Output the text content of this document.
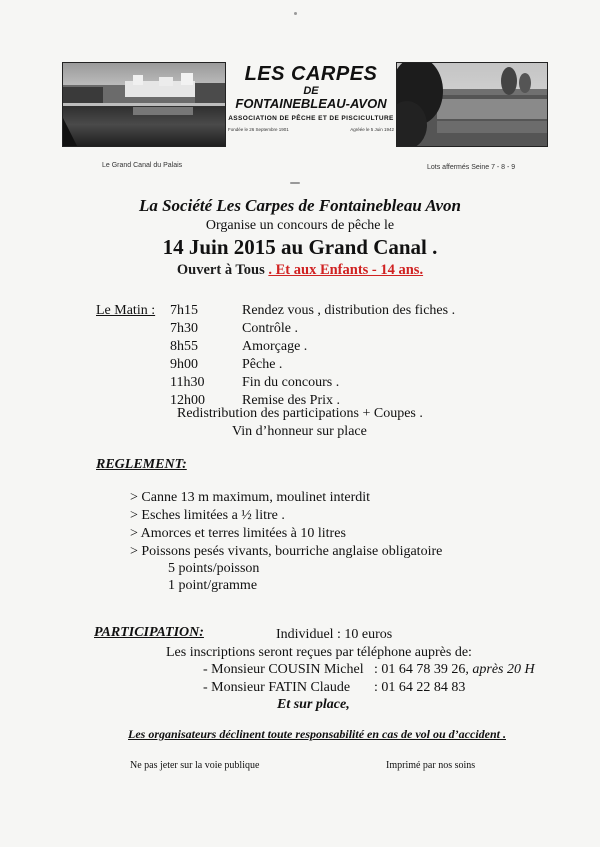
Le Grand Canal du Palais	Lots affermés Seine 7 - 8 - 9
LES CARPES
DE
FONTAINEBLEAU-AVON
ASSOCIATION DE PÊCHE ET DE PISCICULTURE
Fondée le 26 Septembre 1901	Agréée le 5 Juin 1942
La Société Les Carpes de Fontainebleau Avon
Organise un concours de pêche le
14 Juin 2015 au Grand Canal .
Ouvert à Tous . Et aux Enfants - 14 ans.
Le Matin : 7h15	Rendez vous , distribution des fiches .
7h30	Contrôle .
8h55	Amorçage .
9h00	Pêche .
11h30	Fin du concours .
12h00	Remise des Prix .
Redistribution des participations + Coupes .
Vin d’honneur sur place
REGLEMENT:
> Canne 13 m maximum, moulinet interdit
> Esches limitées a ½ litre .
> Amorces et terres limitées à 10 litres
> Poissons pesés vivants, bourriche anglaise obligatoire
5 points/poisson
1 point/gramme
PARTICIPATION:	Individuel : 10 euros
Les inscriptions seront reçues par téléphone auprès de:
- Monsieur COUSIN Michel : 01 64 78 39 26, après 20 H
- Monsieur FATIN Claude : 01 64 22 84 83
Et sur place,
Les organisateurs déclinent toute responsabilité en cas de vol ou d’accident .
Ne pas jeter sur la voie publique	Imprimé par nos soins
